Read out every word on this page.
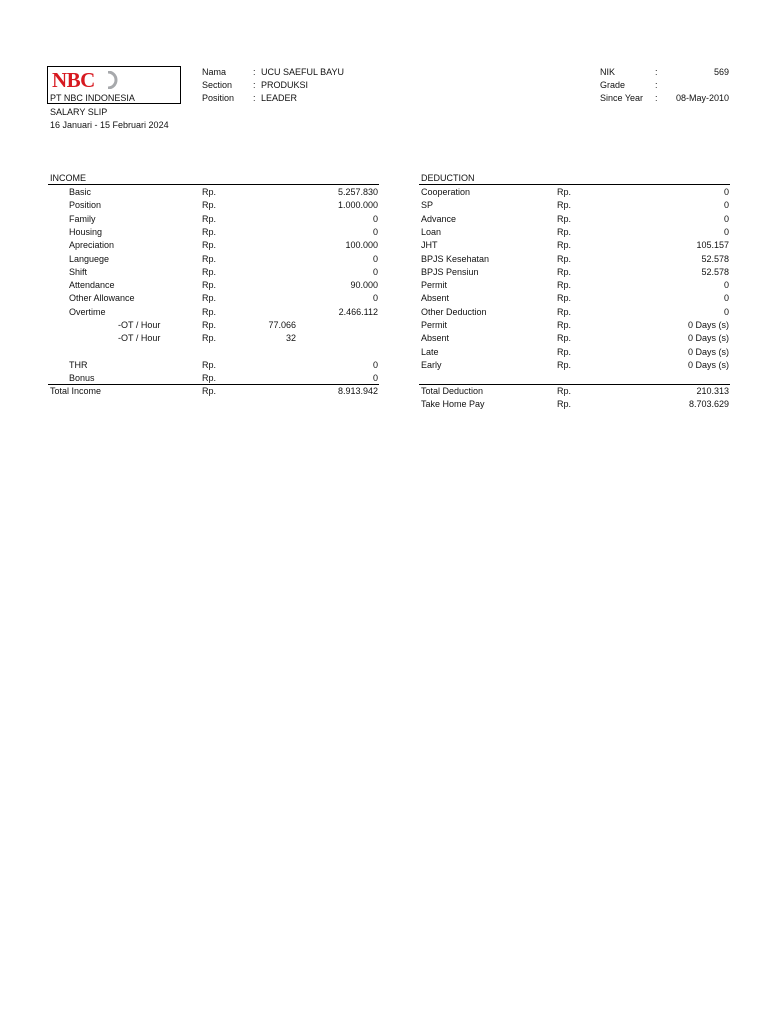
NBC
PT NBC INDONESIA
SALARY SLIP
16 Januari - 15 Februari 2024
Nama	: UCU SAEFUL BAYU
Section : PRODUKSI
Position : LEADER
NIK	:	569
Grade	:
Since Year :	08-May-2010
INCOME
Basic	Rp.	5.257.830
Position	Rp.	1.000.000
Family	Rp.	0
Housing	Rp.	0
Apreciation	Rp.	100.000
Languege	Rp.	0
Shift	Rp.	0
Attendance	Rp.	90.000
Other Allowance	Rp.	0
Overtime	Rp.	2.466.112
-OT / Hour	Rp.	77.066
-OT / Hour	Rp.	32
THR	Rp.	0
Bonus	Rp.	0
Total Income	Rp.	8.913.942
DEDUCTION
Cooperation	Rp.	0
SP	Rp.	0
Advance	Rp.	0
Loan	Rp.	0
JHT	Rp.	105.157
BPJS Kesehatan	Rp.	52.578
BPJS Pensiun	Rp.	52.578
Permit	Rp.	0
Absent	Rp.	0
Other Deduction	Rp.	0
Permit	Rp.	0 Days (s)
Absent	Rp.	0 Days (s)
Late	Rp.	0 Days (s)
Early	Rp.	0 Days (s)
Total Deduction	Rp.	210.313
Take Home Pay	Rp.	8.703.629
